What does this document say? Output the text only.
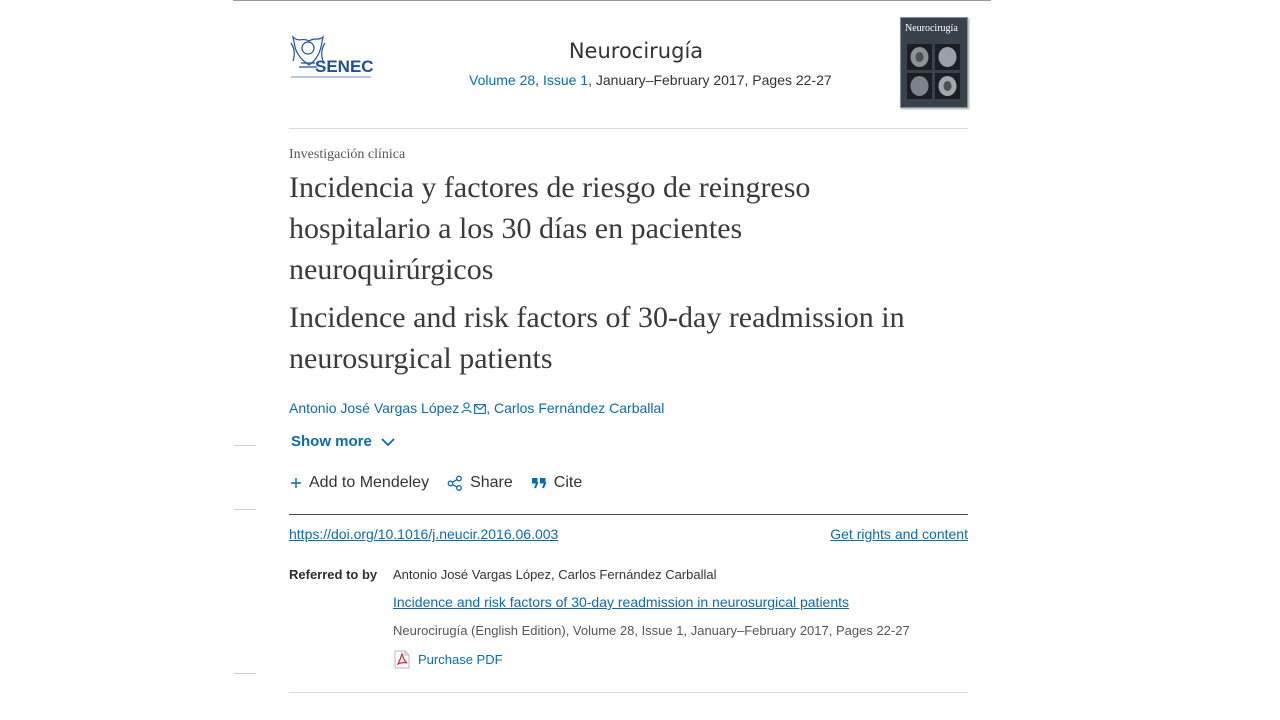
SENEC
Neurocirugía
Volume 28, Issue 1, January–February 2017, Pages 22-27
Neurocirugía
Investigación clínica
Incidencia y factores de riesgo de reingreso hospitalario a los 30 días en pacientes neuroquirúrgicos
Incidence and risk factors of 30-day readmission in neurosurgical patients
Antonio José Vargas López , Carlos Fernández Carballal
Show more
Add to Mendeley	Share	Cite
https://doi.org/10.1016/j.neucir.2016.06.003	Get rights and content
Referred to by Antonio José Vargas López, Carlos Fernández Carballal
Incidence and risk factors of 30-day readmission in neurosurgical patients
Neurocirugía (English Edition), Volume 28, Issue 1, January–February 2017, Pages 22-27
Purchase PDF
